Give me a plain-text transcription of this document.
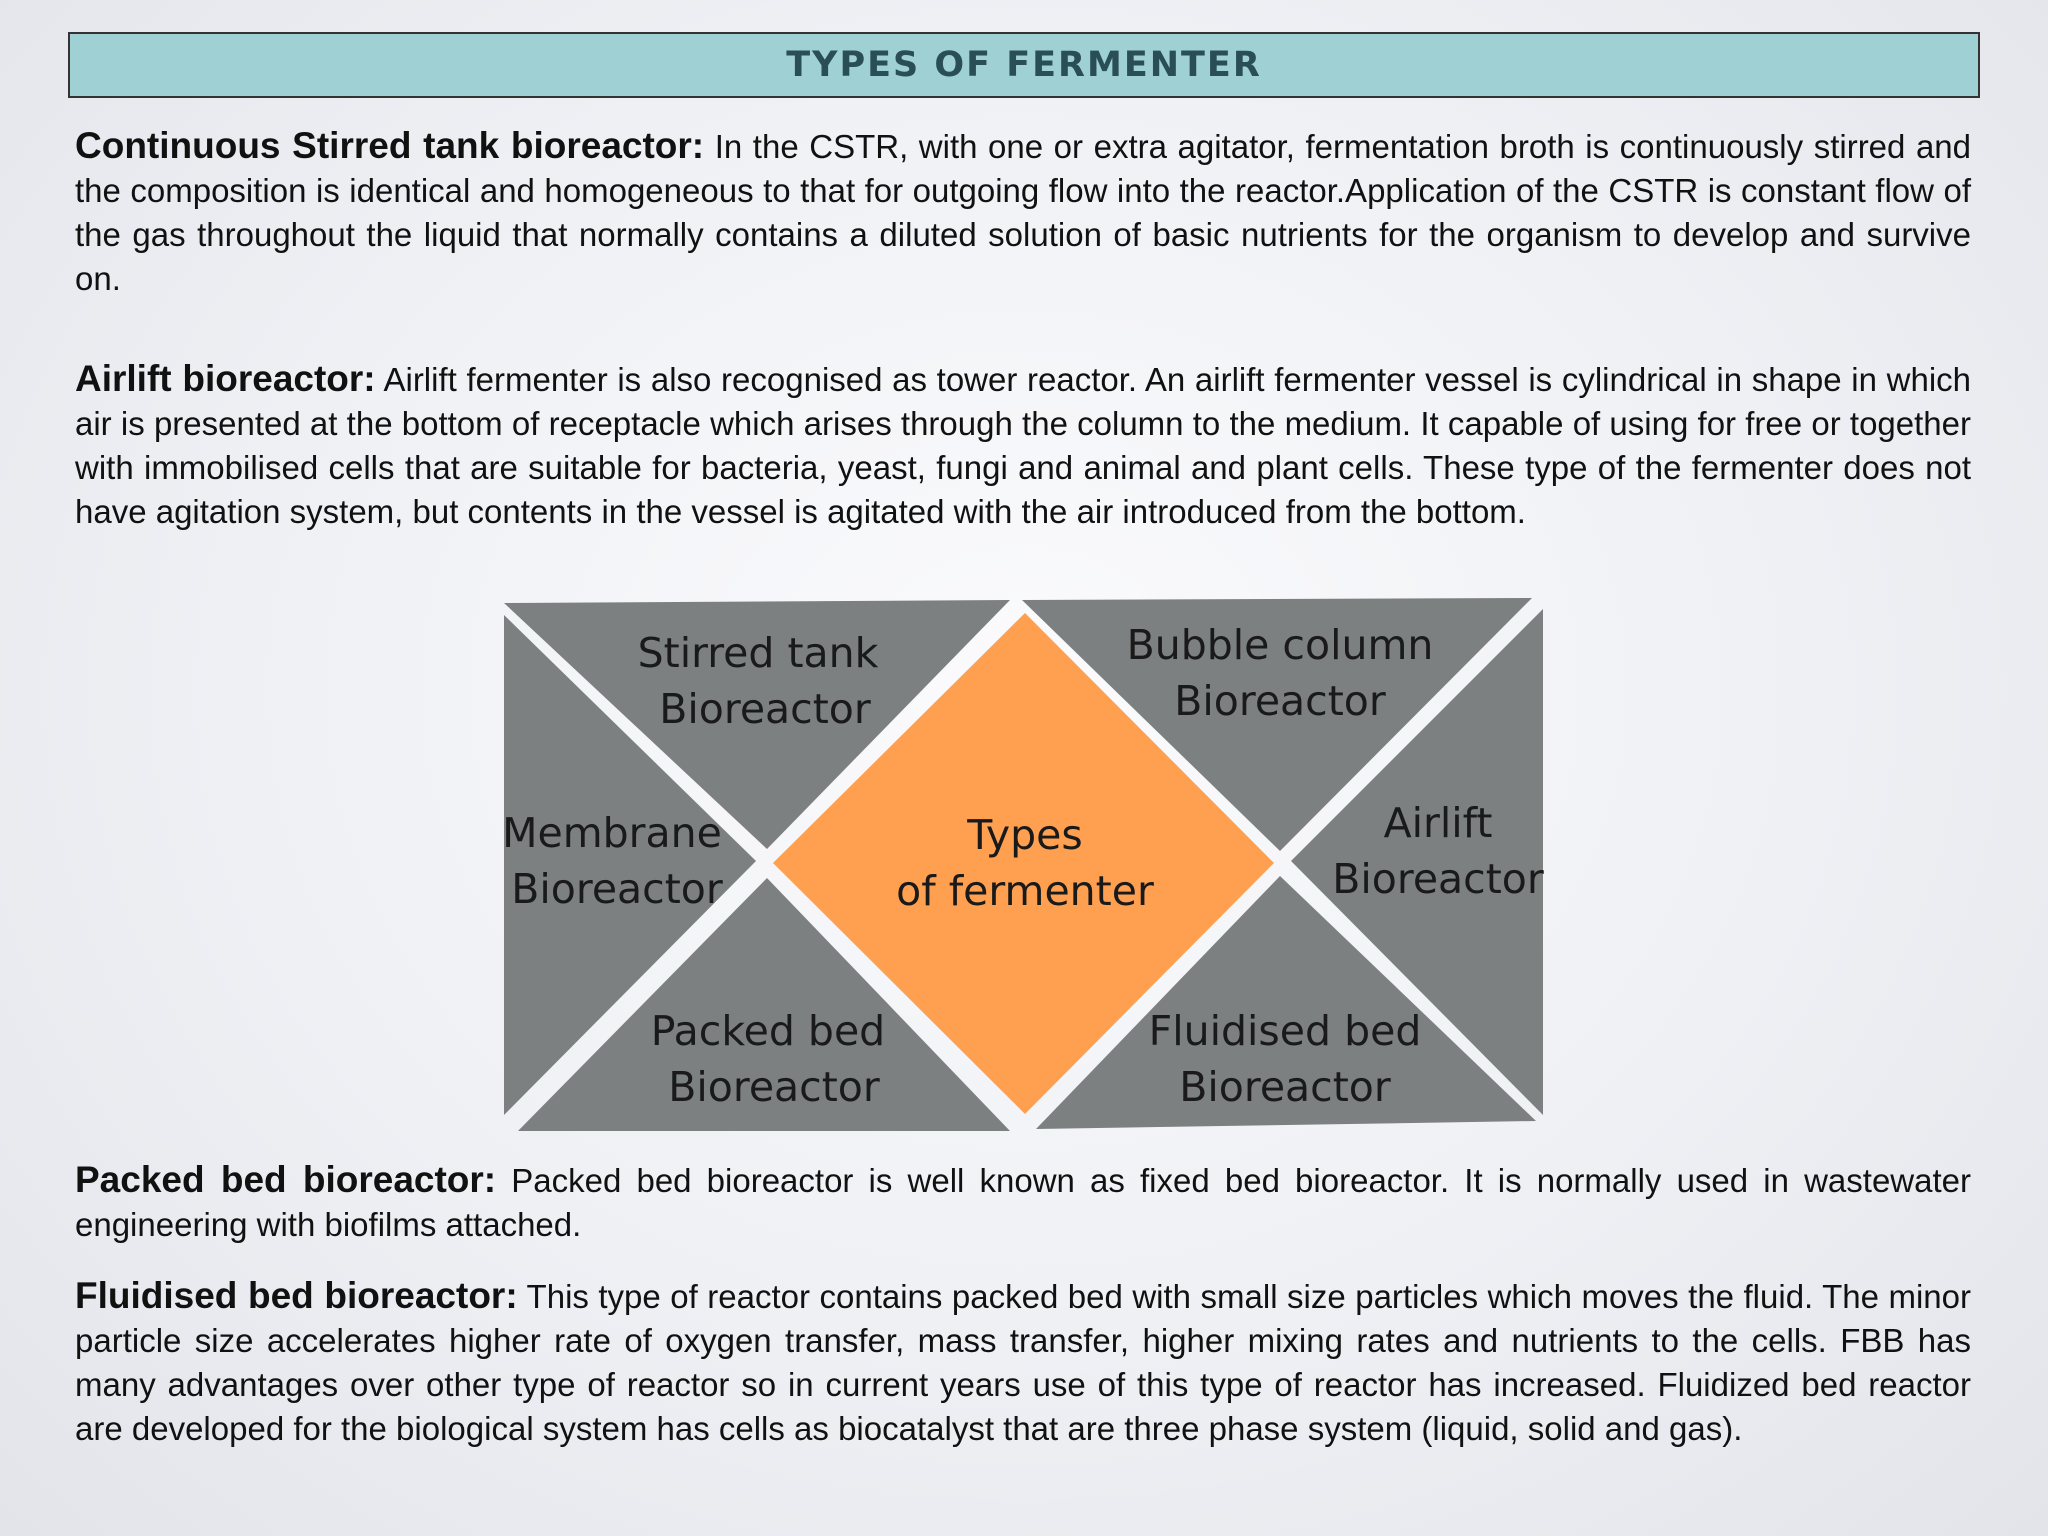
TYPES OF FERMENTER

Continuous Stirred tank bioreactor: In the CSTR, with one or extra agitator, fermentation broth is continuously stirred and the composition is identical and homogeneous to that for outgoing flow into the reactor.Application of the CSTR is constant flow of the gas throughout the liquid that normally contains a diluted solution of basic nutrients for the organism to develop and survive on.

Airlift bioreactor: Airlift fermenter is also recognised as tower reactor. An airlift fermenter vessel is cylindrical in shape in which air is presented at the bottom of receptacle which arises through the column to the medium. It capable of using for free or together with immobilised cells that are suitable for bacteria, yeast, fungi and animal and plant cells. These type of the fermenter does not have agitation system, but contents in the vessel is agitated with the air introduced from the bottom.

Stirred tank
Bioreactor
Bubble column
Bioreactor
Membrane
Bioreactor
Airlift
Bioreactor
Types
of fermenter
Packed bed
Bioreactor
Fluidised bed
Bioreactor

Packed bed bioreactor: Packed bed bioreactor is well known as fixed bed bioreactor. It is normally used in wastewater engineering with biofilms attached.

Fluidised bed bioreactor: This type of reactor contains packed bed with small size particles which moves the fluid. The minor particle size accelerates higher rate of oxygen transfer, mass transfer, higher mixing rates and nutrients to the cells. FBB has many advantages over other type of reactor so in current years use of this type of reactor has increased. Fluidized bed reactor are developed for the biological system has cells as biocatalyst that are three phase system (liquid, solid and gas).
